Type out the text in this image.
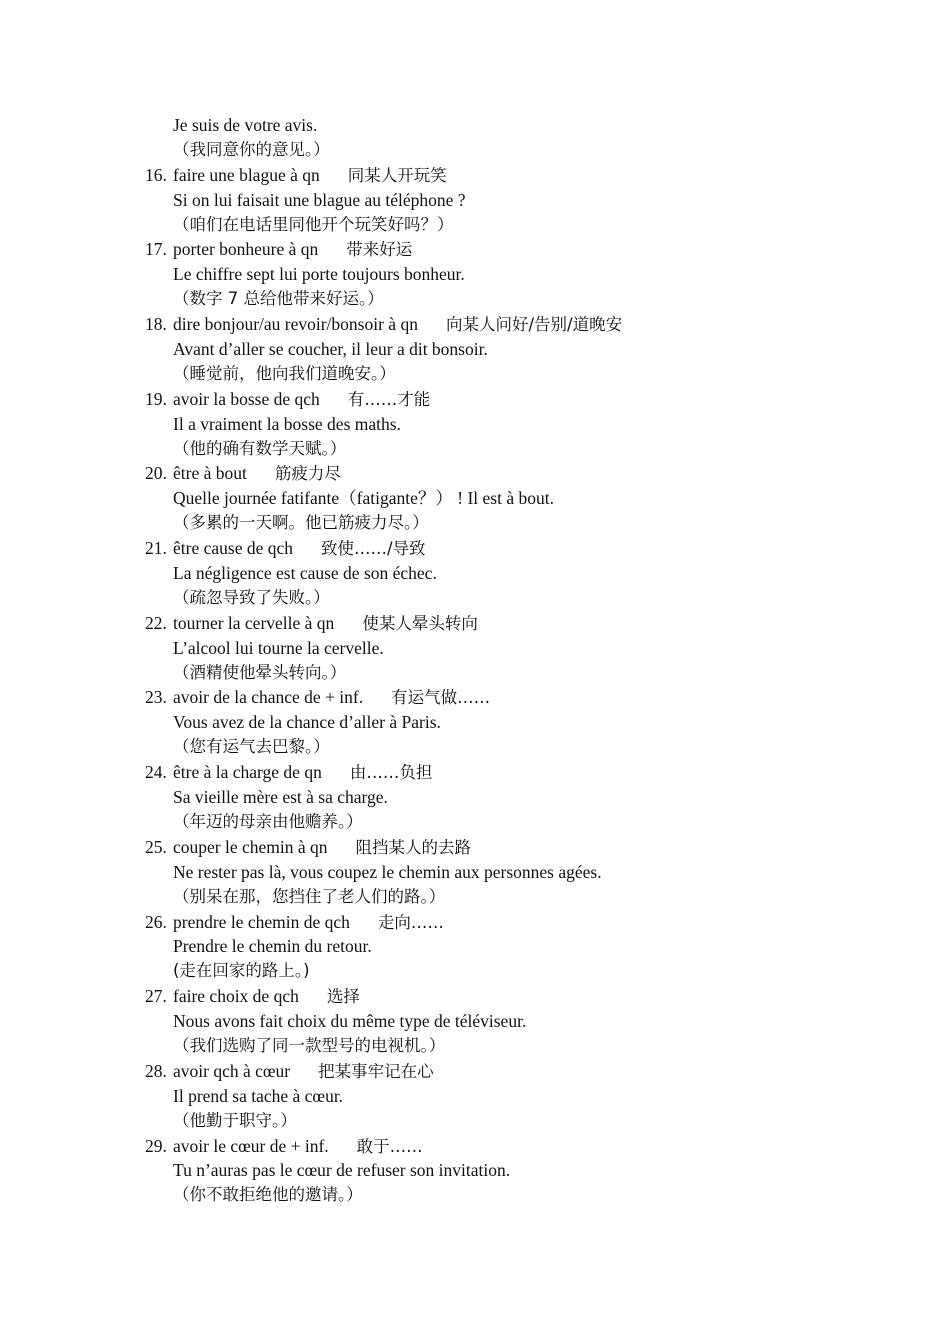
Je suis de votre avis.
（我同意你的意见。）
16. faire une blague à qn 同某人开玩笑
Si on lui faisait une blague au téléphone ?
（咱们在电话里同他开个玩笑好吗？）
17. porter bonheure à qn 带来好运
Le chiffre sept lui porte toujours bonheur.
（数字 7 总给他带来好运。）
18. dire bonjour/au revoir/bonsoir à qn 向某人问好/告别/道晚安
Avant d’aller se coucher, il leur a dit bonsoir.
（睡觉前，他向我们道晚安。）
19. avoir la bosse de qch 有……才能
Il a vraiment la bosse des maths.
（他的确有数学天赋。）
20. être à bout 筋疲力尽
Quelle journée fatifante（fatigante？） ! Il est à bout.
（多累的一天啊。他已筋疲力尽。）
21. être cause de qch 致使……/导致
La négligence est cause de son échec.
（疏忽导致了失败。）
22. tourner la cervelle à qn 使某人晕头转向
L’alcool lui tourne la cervelle.
（酒精使他晕头转向。）
23. avoir de la chance de + inf. 有运气做……
Vous avez de la chance d’aller à Paris.
（您有运气去巴黎。）
24. être à la charge de qn 由……负担
Sa vieille mère est à sa charge.
（年迈的母亲由他赡养。）
25. couper le chemin à qn 阻挡某人的去路
Ne rester pas là, vous coupez le chemin aux personnes agées.
（别呆在那，您挡住了老人们的路。）
26. prendre le chemin de qch 走向……
Prendre le chemin du retour.
(走在回家的路上。)
27. faire choix de qch 选择
Nous avons fait choix du même type de téléviseur.
（我们选购了同一款型号的电视机。）
28. avoir qch à cœur 把某事牢记在心
Il prend sa tache à cœur.
（他勤于职守。）
29. avoir le cœur de + inf. 敢于……
Tu n’auras pas le cœur de refuser son invitation.
（你不敢拒绝他的邀请。）
